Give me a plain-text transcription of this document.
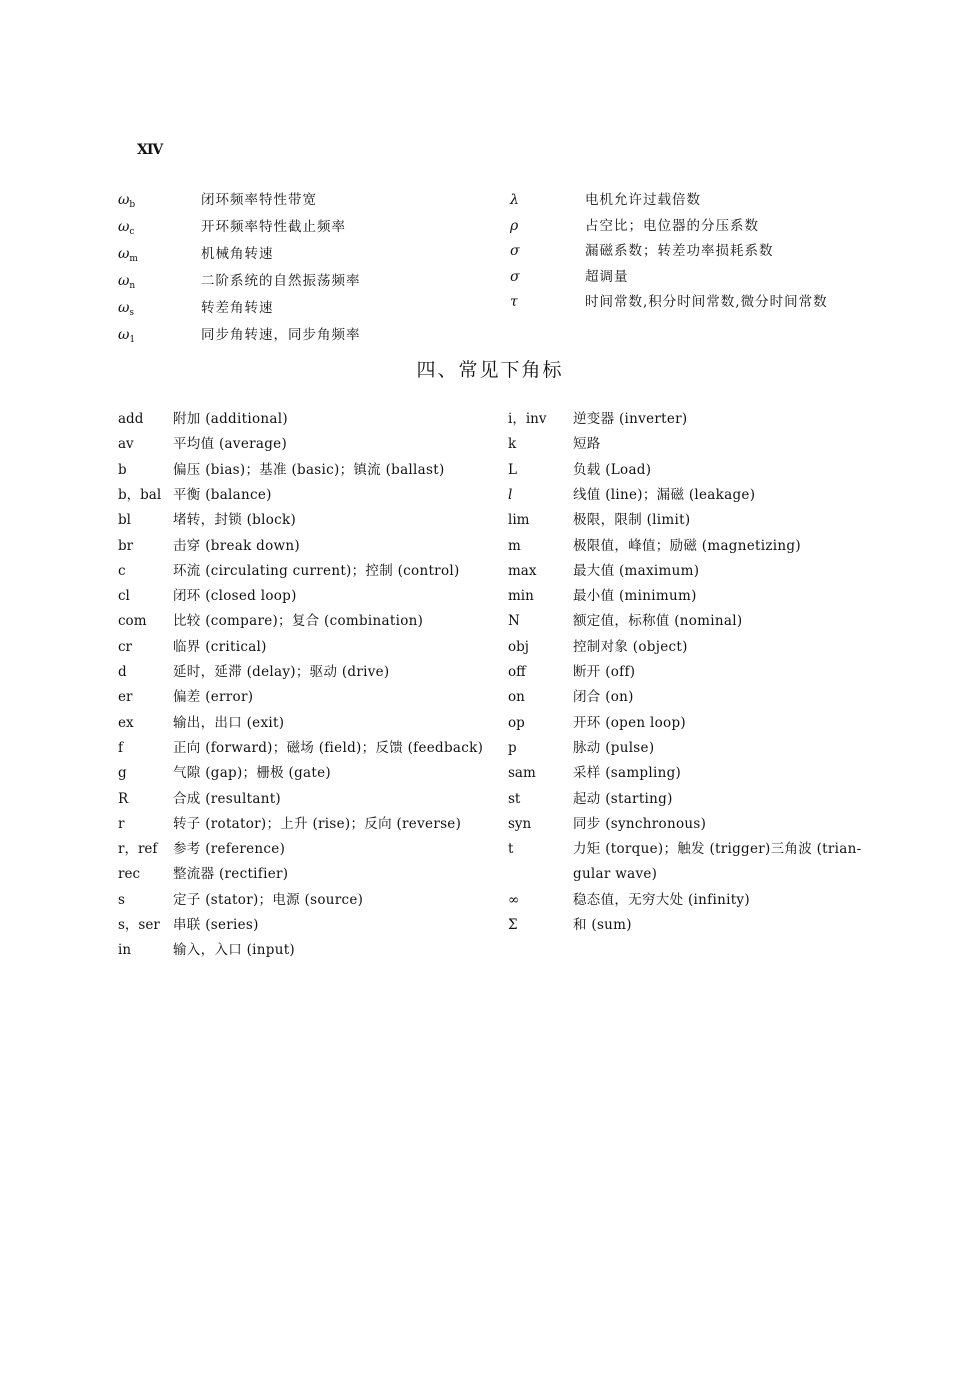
XIV
$\omega_b$	闭环频率特性带宽
$\omega_c$	开环频率特性截止频率
$\omega_m$	机械角转速
$\omega_n$	二阶系统的自然振荡频率
$\omega_s$	转差角转速
$\omega_1$	同步角转速，同步角频率
λ	电机允许过载倍数
ρ	占空比；电位器的分压系数
σ	漏磁系数；转差功率损耗系数
σ	超调量
τ	时间常数,积分时间常数,微分时间常数
四、常见下角标
add 附加 (additional)
av	平均值 (average)
b	偏压 (bias)；基准 (basic)；镇流 (ballast)
b，bal 平衡 (balance)
bl	堵转，封锁 (block)
br	击穿 (break down)
c	环流 (circulating current)；控制 (control)
cl	闭环 (closed loop)
com 比较 (compare)；复合 (combination)
cr	临界 (critical)
d	延时，延滞 (delay)；驱动 (drive)
er	偏差 (error)
ex	输出，出口 (exit)
f	正向 (forward)；磁场 (field)；反馈 (feedback)
g	气隙 (gap)；栅极 (gate)
R	合成 (resultant)
r	转子 (rotator)；上升 (rise)；反向 (reverse)
r，ref 参考 (reference)
rec 整流器 (rectifier)
s	定子 (stator)；电源 (source)
s，ser 串联 (series)
in	输入，入口 (input)
i，inv 逆变器 (inverter)
k	短路
L	负载 (Load)
l	线值 (line)；漏磁 (leakage)
lim	极限，限制 (limit)
m	极限值，峰值；励磁 (magnetizing)
max	最大值 (maximum)
min	最小值 (minimum)
N	额定值，标称值 (nominal)
obj	控制对象 (object)
off	断开 (off)
on	闭合 (on)
op	开环 (open loop)
p	脉动 (pulse)
sam	采样 (sampling)
st	起动 (starting)
syn	同步 (synchronous)
t	力矩 (torque)；触发 (trigger)三角波 (trian-
gular wave)
∞	稳态值，无穷大处 (infinity)
Σ	和 (sum)
